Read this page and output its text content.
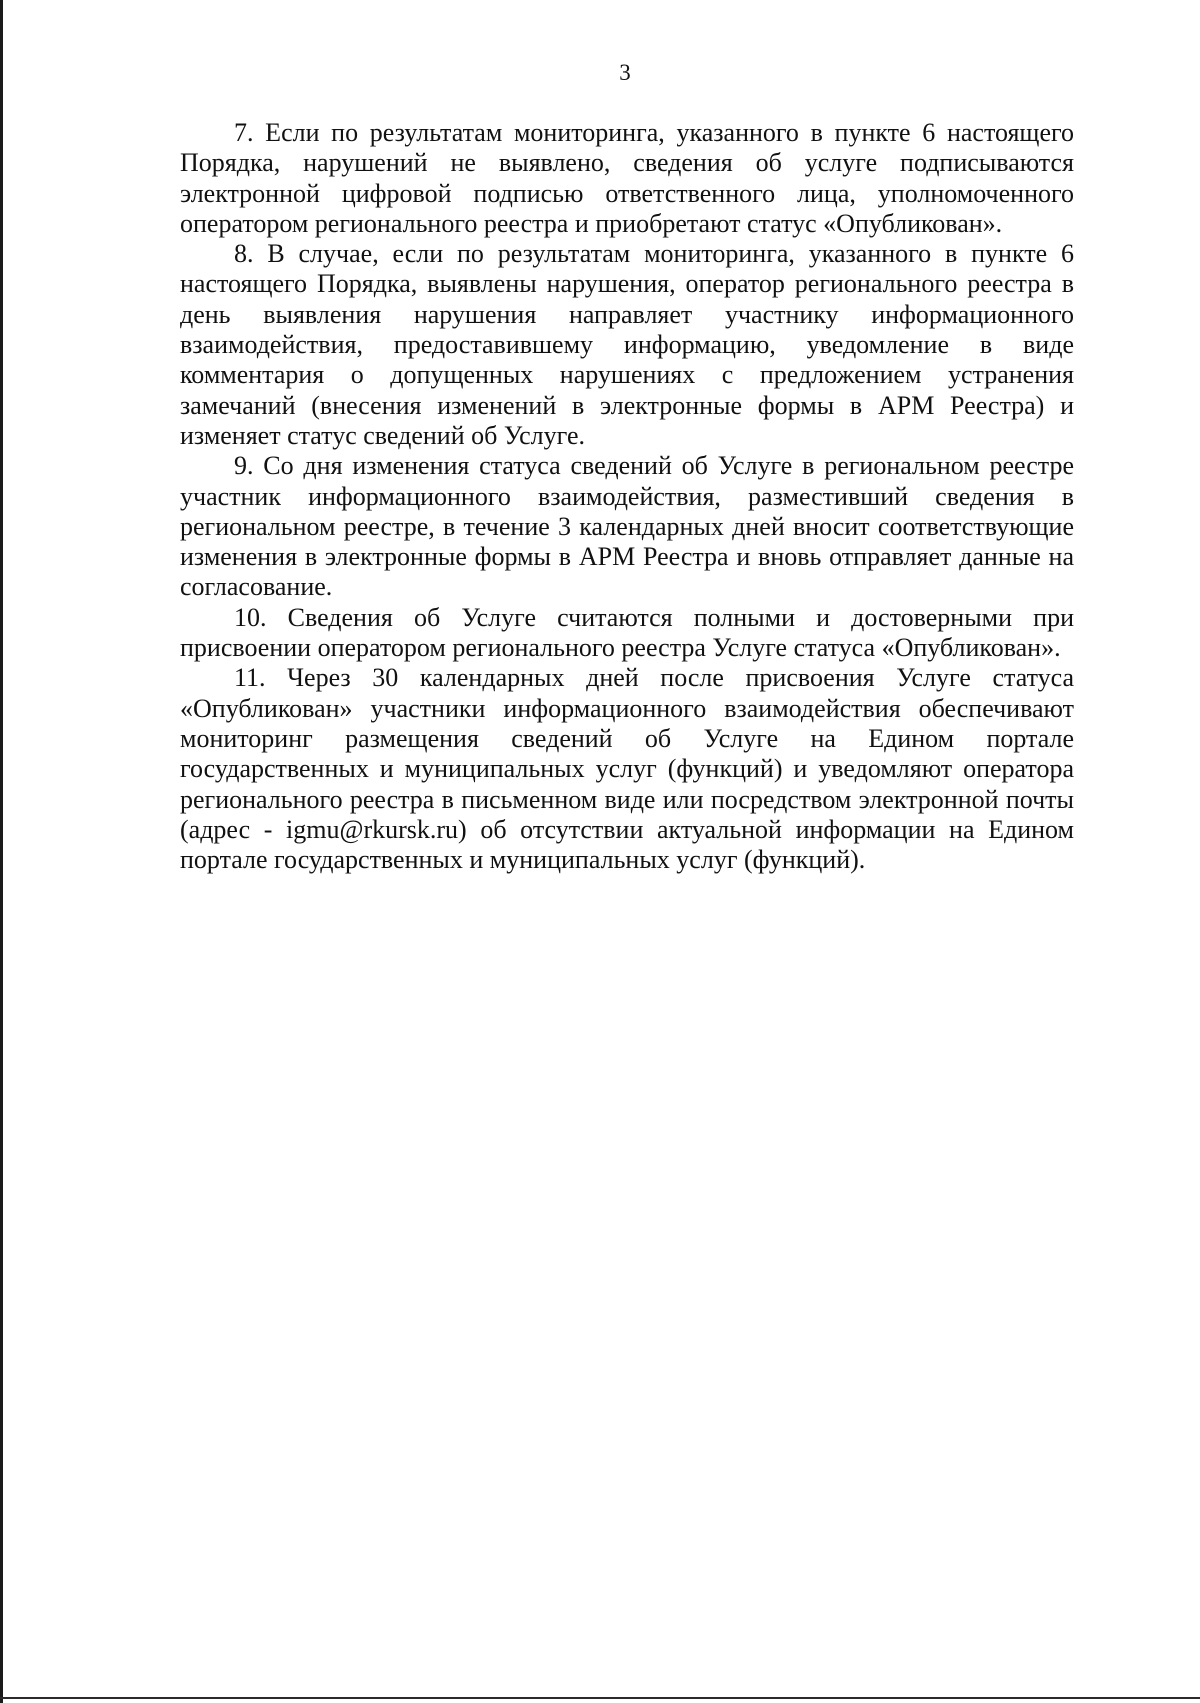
3

7. Если по результатам мониторинга, указанного в пункте 6 настоящего Порядка, нарушений не выявлено, сведения об услуге подписываются электронной цифровой подписью ответственного лица, уполномоченного оператором регионального реестра и приобретают статус «Опубликован».

8. В случае, если по результатам мониторинга, указанного в пункте 6 настоящего Порядка, выявлены нарушения, оператор регионального реестра в день выявления нарушения направляет участнику информационного взаимодействия, предоставившему информацию, уведомление в виде комментария о допущенных нарушениях с предложением устранения замечаний (внесения изменений в электронные формы в АРМ Реестра) и изменяет статус сведений об Услуге.

9. Со дня изменения статуса сведений об Услуге в региональном реестре участник информационного взаимодействия, разместивший сведения в региональном реестре, в течение 3 календарных дней вносит соответствующие изменения в электронные формы в АРМ Реестра и вновь отправляет данные на согласование.

10. Сведения об Услуге считаются полными и достоверными при присвоении оператором регионального реестра Услуге статуса «Опубликован».

11. Через 30 календарных дней после присвоения Услуге статуса «Опубликован» участники информационного взаимодействия обеспечивают мониторинг размещения сведений об Услуге на Едином портале государственных и муниципальных услуг (функций) и уведомляют оператора регионального реестра в письменном виде или посредством электронной почты (адрес - igmu@rkursk.ru) об отсутствии актуальной информации на Едином портале государственных и муниципальных услуг (функций).
